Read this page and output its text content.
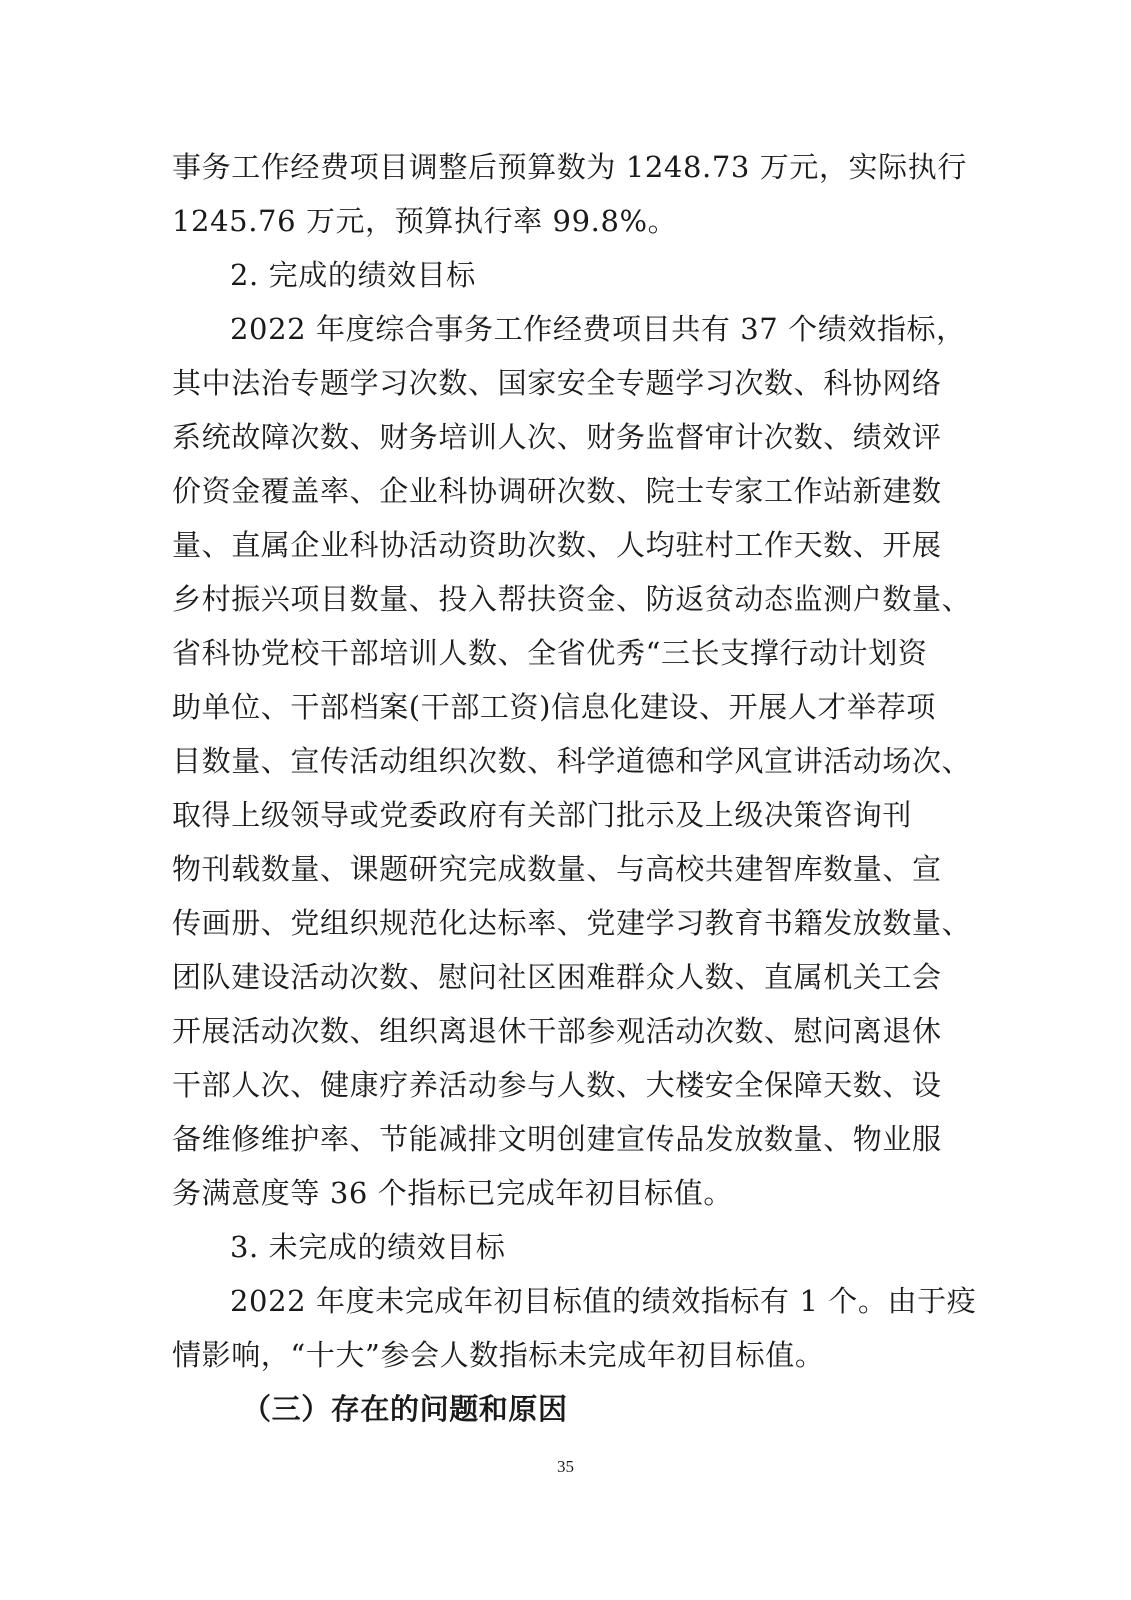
事务工作经费项目调整后预算数为 1248.73 万元，实际执行
1245.76 万元，预算执行率 99.8%。
2. 完成的绩效目标
2022 年度综合事务工作经费项目共有 37 个绩效指标，
其中法治专题学习次数、国家安全专题学习次数、科协网络
系统故障次数、财务培训人次、财务监督审计次数、绩效评
价资金覆盖率、企业科协调研次数、院士专家工作站新建数
量、直属企业科协活动资助次数、人均驻村工作天数、开展
乡村振兴项目数量、投入帮扶资金、防返贫动态监测户数量、
省科协党校干部培训人数、全省优秀“三长支撑行动计划资
助单位、干部档案(干部工资)信息化建设、开展人才举荐项
目数量、宣传活动组织次数、科学道德和学风宣讲活动场次、
取得上级领导或党委政府有关部门批示及上级决策咨询刊
物刊载数量、课题研究完成数量、与高校共建智库数量、宣
传画册、党组织规范化达标率、党建学习教育书籍发放数量、
团队建设活动次数、慰问社区困难群众人数、直属机关工会
开展活动次数、组织离退休干部参观活动次数、慰问离退休
干部人次、健康疗养活动参与人数、大楼安全保障天数、设
备维修维护率、节能减排文明创建宣传品发放数量、物业服
务满意度等 36 个指标已完成年初目标值。
3. 未完成的绩效目标
2022 年度未完成年初目标值的绩效指标有 1 个。由于疫
情影响，“十大”参会人数指标未完成年初目标值。
（三）存在的问题和原因
35
